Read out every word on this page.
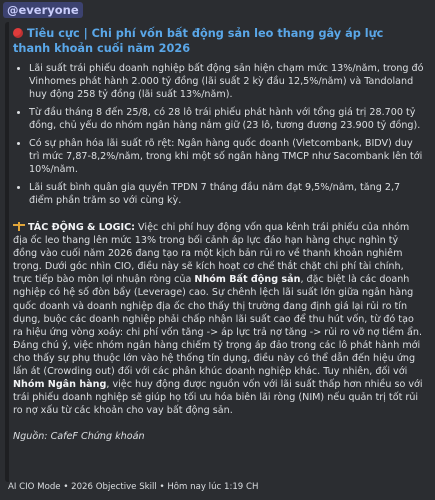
@everyone
Tiêu cực | Chi phí vốn bất động sản leo thang gây áp lực thanh khoản cuối năm 2026
• Lãi suất trái phiếu doanh nghiệp bất động sản hiện chạm mức 13%/năm, trong đó Vinhomes phát hành 2.000 tỷ đồng (lãi suất 2 kỳ đầu 12,5%/năm) và Tandoland huy động 258 tỷ đồng (lãi suất 13%/năm).
• Từ đầu tháng 8 đến 25/8, có 28 lô trái phiếu phát hành với tổng giá trị 28.700 tỷ đồng, chủ yếu do nhóm ngân hàng nắm giữ (23 lô, tương đương 23.900 tỷ đồng).
• Có sự phân hóa lãi suất rõ rệt: Ngân hàng quốc doanh (Vietcombank, BIDV) duy trì mức 7,87-8,2%/năm, trong khi một số ngân hàng TMCP như Sacombank lên tới 10%/năm.
• Lãi suất bình quân gia quyền TPDN 7 tháng đầu năm đạt 9,5%/năm, tăng 2,7 điểm phần trăm so với cùng kỳ.
TÁC ĐỘNG & LOGIC: Việc chi phí huy động vốn qua kênh trái phiếu của nhóm địa ốc leo thang lên mức 13% trong bối cảnh áp lực đáo hạn hàng chục nghìn tỷ đồng vào cuối năm 2026 đang tạo ra một kịch bản rủi ro về thanh khoản nghiêm trọng. Dưới góc nhìn CIO, điều này sẽ kích hoạt cơ chế thắt chặt chi phí tài chính, trực tiếp bào mòn lợi nhuận ròng của Nhóm Bất động sản, đặc biệt là các doanh nghiệp có hệ số đòn bẩy (Leverage) cao. Sự chênh lệch lãi suất lớn giữa ngân hàng quốc doanh và doanh nghiệp địa ốc cho thấy thị trường đang định giá lại rủi ro tín dụng, buộc các doanh nghiệp phải chấp nhận lãi suất cao để thu hút vốn, từ đó tạo ra hiệu ứng vòng xoáy: chi phí vốn tăng -> áp lực trả nợ tăng -> rủi ro vỡ nợ tiềm ẩn. Đáng chú ý, việc nhóm ngân hàng chiếm tỷ trọng áp đảo trong các lô phát hành mới cho thấy sự phụ thuộc lớn vào hệ thống tín dụng, điều này có thể dẫn đến hiệu ứng lấn át (Crowding out) đối với các phân khúc doanh nghiệp khác. Tuy nhiên, đối với Nhóm Ngân hàng, việc huy động được nguồn vốn với lãi suất thấp hơn nhiều so với trái phiếu doanh nghiệp sẽ giúp họ tối ưu hóa biên lãi ròng (NIM) nếu quản trị tốt rủi ro nợ xấu từ các khoản cho vay bất động sản.
Nguồn: CafeF Chứng khoán
AI CIO Mode • 2026 Objective Skill • Hôm nay lúc 1:19 CH
